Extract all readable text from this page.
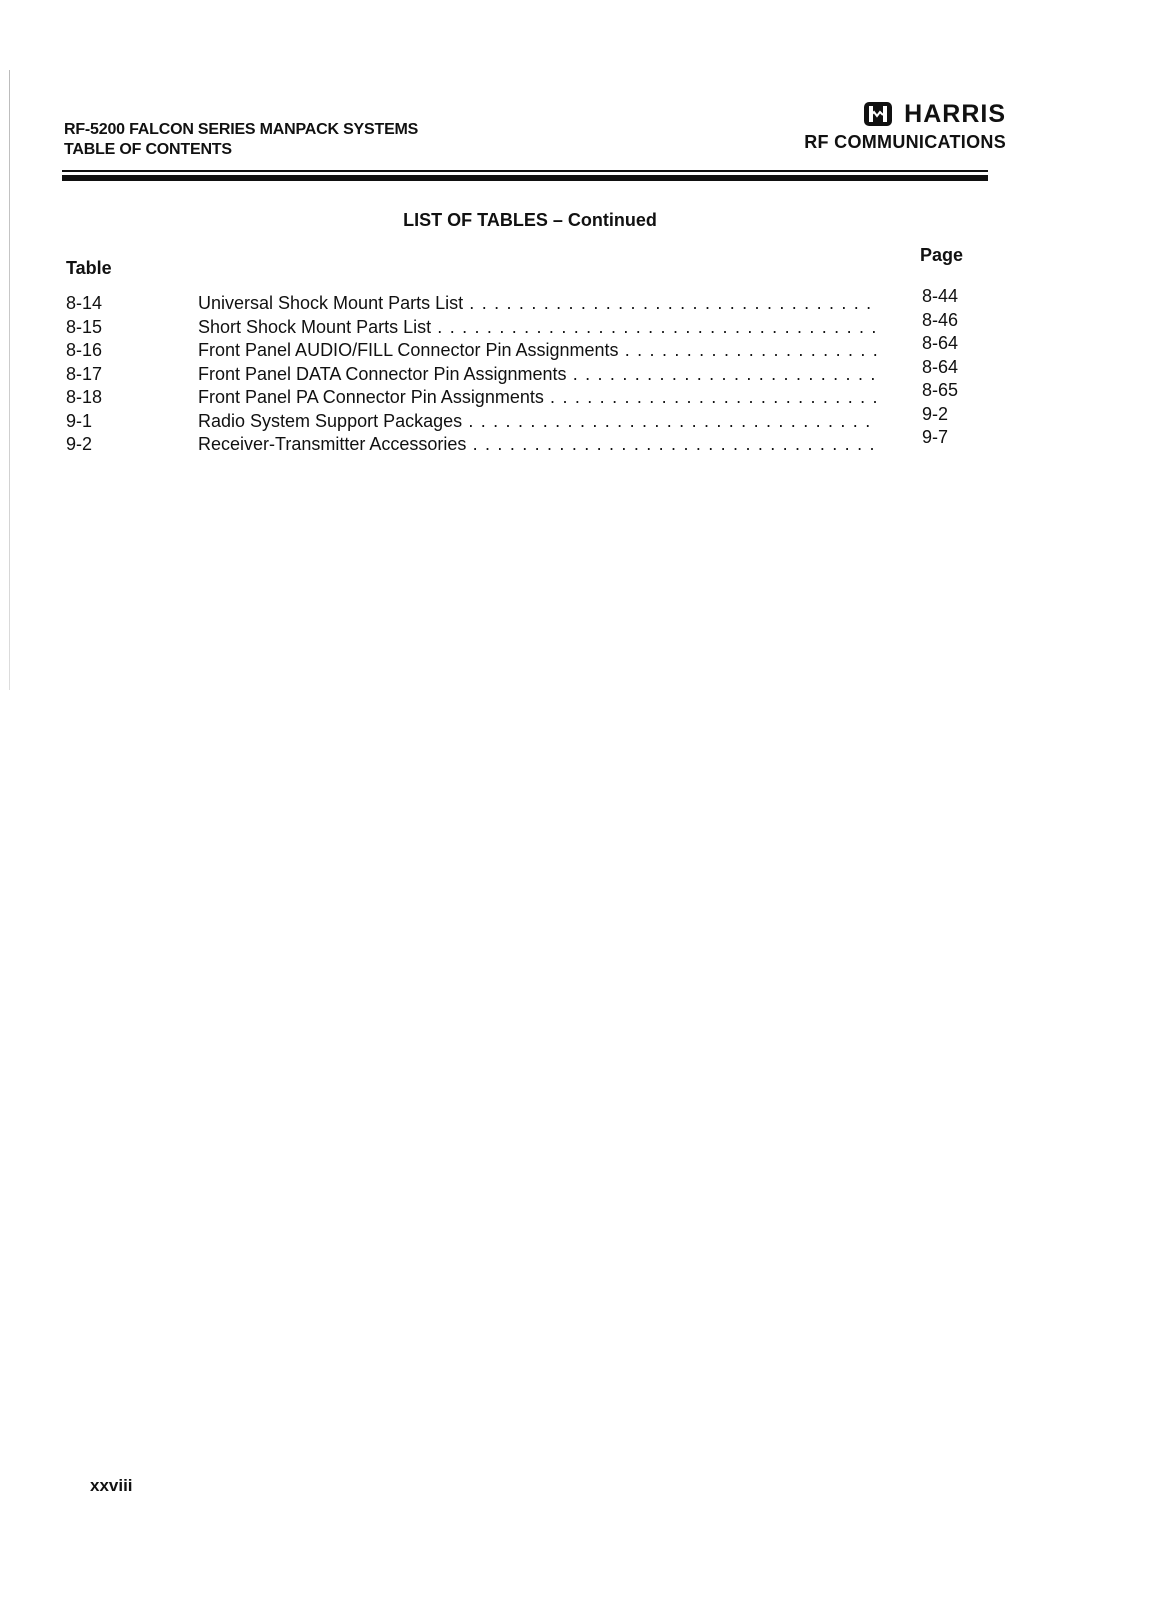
RF-5200 FALCON SERIES MANPACK SYSTEMS
TABLE OF CONTENTS
HARRIS
RF COMMUNICATIONS
LIST OF TABLES – Continued
Table
Page
8-14	Universal Shock Mount Parts List . . .	8-44
8-15	Short Shock Mount Parts List . . .	8-46
8-16	Front Panel AUDIO/FILL Connector Pin Assignments . . .	8-64
8-17	Front Panel DATA Connector Pin Assignments . . .	8-64
8-18	Front Panel PA Connector Pin Assignments . . .	8-65
9-1	Radio System Support Packages . . .	9-2
9-2	Receiver-Transmitter Accessories . . .	9-7
xxviii
